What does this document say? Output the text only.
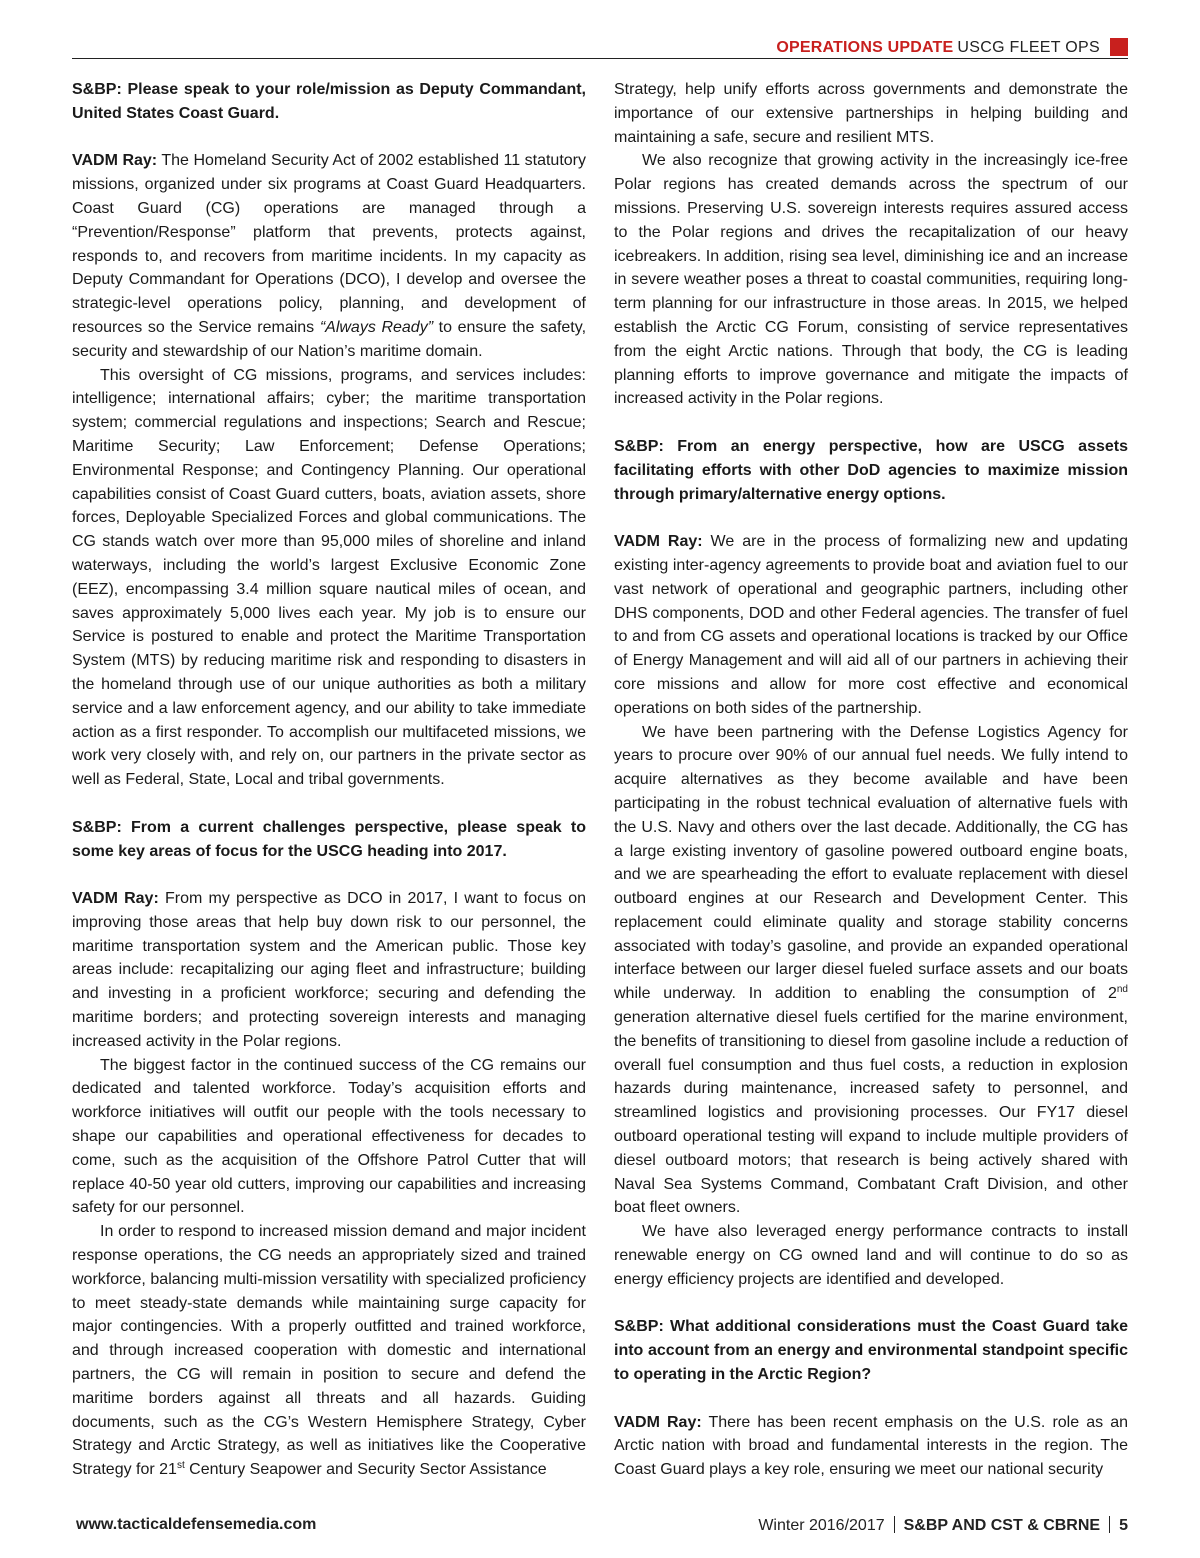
OPERATIONS UPDATE USCG FLEET OPS

S&BP: Please speak to your role/mission as Deputy Commandant, United States Coast Guard.

VADM Ray: The Homeland Security Act of 2002 established 11 statutory missions, organized under six programs at Coast Guard Headquarters. Coast Guard (CG) operations are managed through a “Prevention/Response” platform that prevents, protects against, responds to, and recovers from maritime incidents. In my capacity as Deputy Commandant for Operations (DCO), I develop and oversee the strategic-level operations policy, planning, and development of resources so the Service remains “Always Ready” to ensure the safety, security and stewardship of our Nation’s maritime domain.

This oversight of CG missions, programs, and services includes: intelligence; international affairs; cyber; the maritime transportation system; commercial regulations and inspections; Search and Rescue; Maritime Security; Law Enforcement; Defense Operations; Environmental Response; and Contingency Planning. Our operational capabilities consist of Coast Guard cutters, boats, aviation assets, shore forces, Deployable Specialized Forces and global communications. The CG stands watch over more than 95,000 miles of shoreline and inland waterways, including the world’s largest Exclusive Economic Zone (EEZ), encompassing 3.4 million square nautical miles of ocean, and saves approximately 5,000 lives each year. My job is to ensure our Service is postured to enable and protect the Maritime Transportation System (MTS) by reducing maritime risk and responding to disasters in the homeland through use of our unique authorities as both a military service and a law enforcement agency, and our ability to take immediate action as a first responder. To accomplish our multifaceted missions, we work very closely with, and rely on, our partners in the private sector as well as Federal, State, Local and tribal governments.

S&BP: From a current challenges perspective, please speak to some key areas of focus for the USCG heading into 2017.

VADM Ray: From my perspective as DCO in 2017, I want to focus on improving those areas that help buy down risk to our personnel, the maritime transportation system and the American public. Those key areas include: recapitalizing our aging fleet and infrastructure; building and investing in a proficient workforce; securing and defending the maritime borders; and protecting sovereign interests and managing increased activity in the Polar regions.

The biggest factor in the continued success of the CG remains our dedicated and talented workforce. Today’s acquisition efforts and workforce initiatives will outfit our people with the tools necessary to shape our capabilities and operational effectiveness for decades to come, such as the acquisition of the Offshore Patrol Cutter that will replace 40-50 year old cutters, improving our capabilities and increasing safety for our personnel.

In order to respond to increased mission demand and major incident response operations, the CG needs an appropriately sized and trained workforce, balancing multi-mission versatility with specialized proficiency to meet steady-state demands while maintaining surge capacity for major contingencies. With a properly outfitted and trained workforce, and through increased cooperation with domestic and international partners, the CG will remain in position to secure and defend the maritime borders against all threats and all hazards. Guiding documents, such as the CG’s Western Hemisphere Strategy, Cyber Strategy and Arctic Strategy, as well as initiatives like the Cooperative Strategy for 21st Century Seapower and Security Sector Assistance

Strategy, help unify efforts across governments and demonstrate the importance of our extensive partnerships in helping building and maintaining a safe, secure and resilient MTS.

We also recognize that growing activity in the increasingly ice-free Polar regions has created demands across the spectrum of our missions. Preserving U.S. sovereign interests requires assured access to the Polar regions and drives the recapitalization of our heavy icebreakers. In addition, rising sea level, diminishing ice and an increase in severe weather poses a threat to coastal communities, requiring long-term planning for our infrastructure in those areas. In 2015, we helped establish the Arctic CG Forum, consisting of service representatives from the eight Arctic nations. Through that body, the CG is leading planning efforts to improve governance and mitigate the impacts of increased activity in the Polar regions.

S&BP: From an energy perspective, how are USCG assets facilitating efforts with other DoD agencies to maximize mission through primary/alternative energy options.

VADM Ray: We are in the process of formalizing new and updating existing inter-agency agreements to provide boat and aviation fuel to our vast network of operational and geographic partners, including other DHS components, DOD and other Federal agencies. The transfer of fuel to and from CG assets and operational locations is tracked by our Office of Energy Management and will aid all of our partners in achieving their core missions and allow for more cost effective and economical operations on both sides of the partnership.

We have been partnering with the Defense Logistics Agency for years to procure over 90% of our annual fuel needs. We fully intend to acquire alternatives as they become available and have been participating in the robust technical evaluation of alternative fuels with the U.S. Navy and others over the last decade. Additionally, the CG has a large existing inventory of gasoline powered outboard engine boats, and we are spearheading the effort to evaluate replacement with diesel outboard engines at our Research and Development Center. This replacement could eliminate quality and storage stability concerns associated with today’s gasoline, and provide an expanded operational interface between our larger diesel fueled surface assets and our boats while underway. In addition to enabling the consumption of 2nd generation alternative diesel fuels certified for the marine environment, the benefits of transitioning to diesel from gasoline include a reduction of overall fuel consumption and thus fuel costs, a reduction in explosion hazards during maintenance, increased safety to personnel, and streamlined logistics and provisioning processes. Our FY17 diesel outboard operational testing will expand to include multiple providers of diesel outboard motors; that research is being actively shared with Naval Sea Systems Command, Combatant Craft Division, and other boat fleet owners.

We have also leveraged energy performance contracts to install renewable energy on CG owned land and will continue to do so as energy efficiency projects are identified and developed.

S&BP: What additional considerations must the Coast Guard take into account from an energy and environmental standpoint specific to operating in the Arctic Region?

VADM Ray: There has been recent emphasis on the U.S. role as an Arctic nation with broad and fundamental interests in the region. The Coast Guard plays a key role, ensuring we meet our national security

www.tacticaldefensemedia.com	Winter 2016/2017 S&BP AND CST & CBRNE 5
